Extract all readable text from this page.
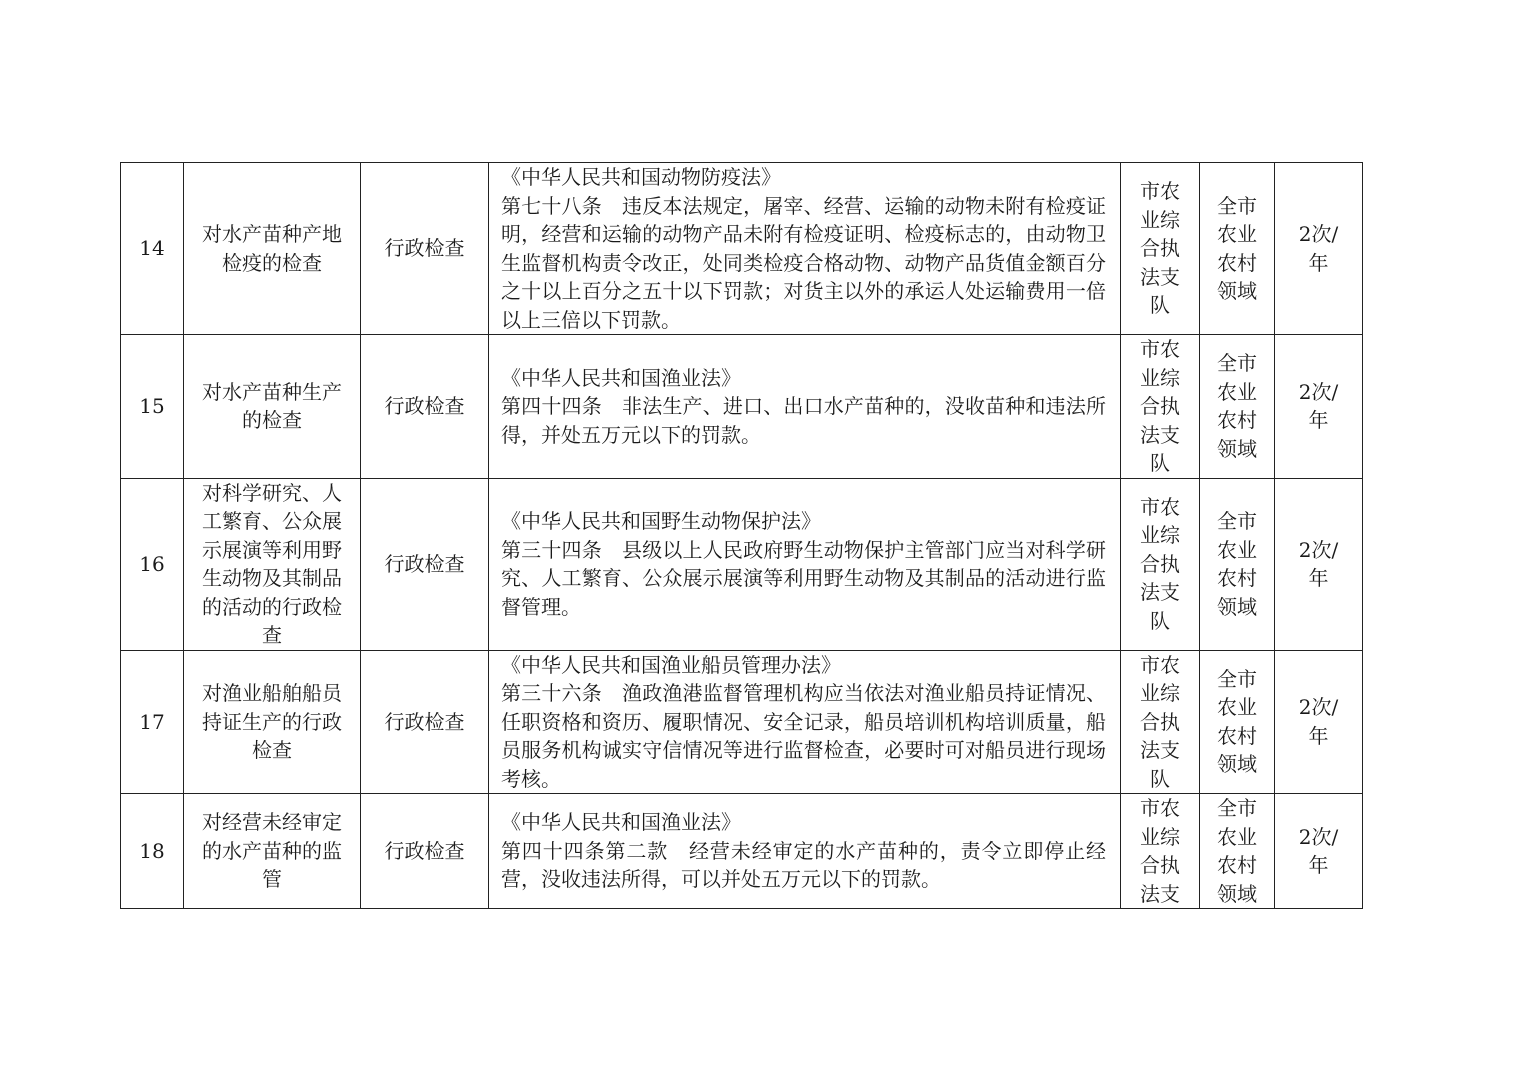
14	对水产苗种产地检疫的检查	行政检查	《中华人民共和国动物防疫法》
第七十八条　违反本法规定，屠宰、经营、运输的动物未附有检疫证明，经营和运输的动物产品未附有检疫证明、检疫标志的，由动物卫生监督机构责令改正，处同类检疫合格动物、动物产品货值金额百分之十以上百分之五十以下罚款；对货主以外的承运人处运输费用一倍以上三倍以下罚款。	市农业综合执法支队	全市农业农村领域	2次/年
15	对水产苗种生产的检查	行政检查	《中华人民共和国渔业法》
第四十四条　非法生产、进口、出口水产苗种的，没收苗种和违法所得，并处五万元以下的罚款。	市农业综合执法支队	全市农业农村领域	2次/年
16	对科学研究、人工繁育、公众展示展演等利用野生动物及其制品的活动的行政检查	行政检查	《中华人民共和国野生动物保护法》
第三十四条　县级以上人民政府野生动物保护主管部门应当对科学研究、人工繁育、公众展示展演等利用野生动物及其制品的活动进行监督管理。	市农业综合执法支队	全市农业农村领域	2次/年
17	对渔业船舶船员持证生产的行政检查	行政检查	《中华人民共和国渔业船员管理办法》
第三十六条　渔政渔港监督管理机构应当依法对渔业船员持证情况、任职资格和资历、履职情况、安全记录，船员培训机构培训质量，船员服务机构诚实守信情况等进行监督检查，必要时可对船员进行现场考核。	市农业综合执法支队	全市农业农村领域	2次/年
18	对经营未经审定的水产苗种的监管	行政检查	《中华人民共和国渔业法》
第四十四条第二款　经营未经审定的水产苗种的，责令立即停止经营，没收违法所得，可以并处五万元以下的罚款。	市农业综合执法支	全市农业农村领域	2次/年
